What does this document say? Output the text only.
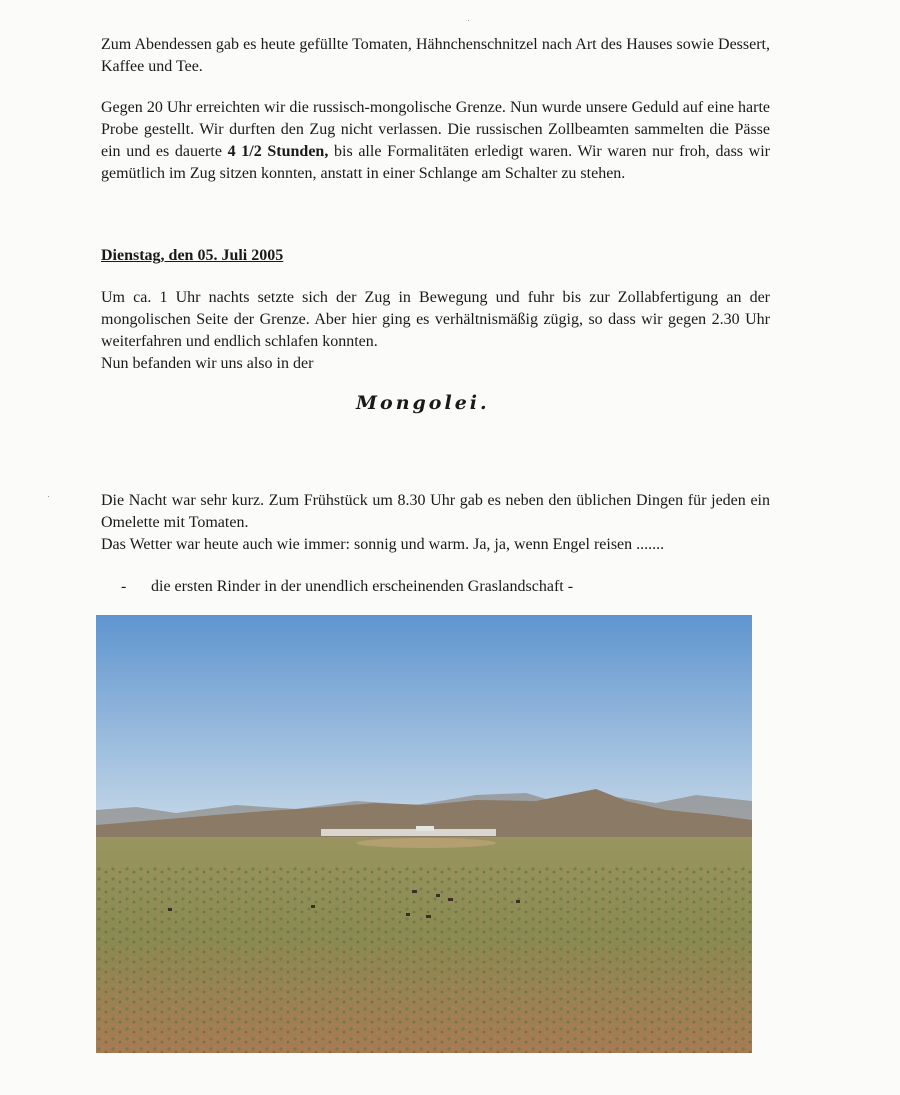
Zum Abendessen gab es heute gefüllte Tomaten, Hähnchenschnitzel nach Art des Hauses sowie Dessert, Kaffee und Tee.

Gegen 20 Uhr erreichten wir die russisch-mongolische Grenze. Nun wurde unsere Geduld auf eine harte Probe gestellt. Wir durften den Zug nicht verlassen. Die russischen Zollbeamten sammelten die Pässe ein und es dauerte 4 1/2 Stunden, bis alle Formalitäten erledigt waren. Wir waren nur froh, dass wir gemütlich im Zug sitzen konnten, anstatt in einer Schlange am Schalter zu stehen.

Dienstag, den 05. Juli 2005

Um ca. 1 Uhr nachts setzte sich der Zug in Bewegung und fuhr bis zur Zollabfertigung an der mongolischen Seite der Grenze. Aber hier ging es verhältnismäßig zügig, so dass wir gegen 2.30 Uhr weiterfahren und endlich schlafen konnten.
Nun befanden wir uns also in der
Mongolei.
Die Nacht war sehr kurz. Zum Frühstück um 8.30 Uhr gab es neben den üblichen Dingen für jeden ein Omelette mit Tomaten.
Das Wetter war heute auch wie immer: sonnig und warm. Ja, ja, wenn Engel reisen .......
- die ersten Rinder in der unendlich erscheinenden Graslandschaft -
